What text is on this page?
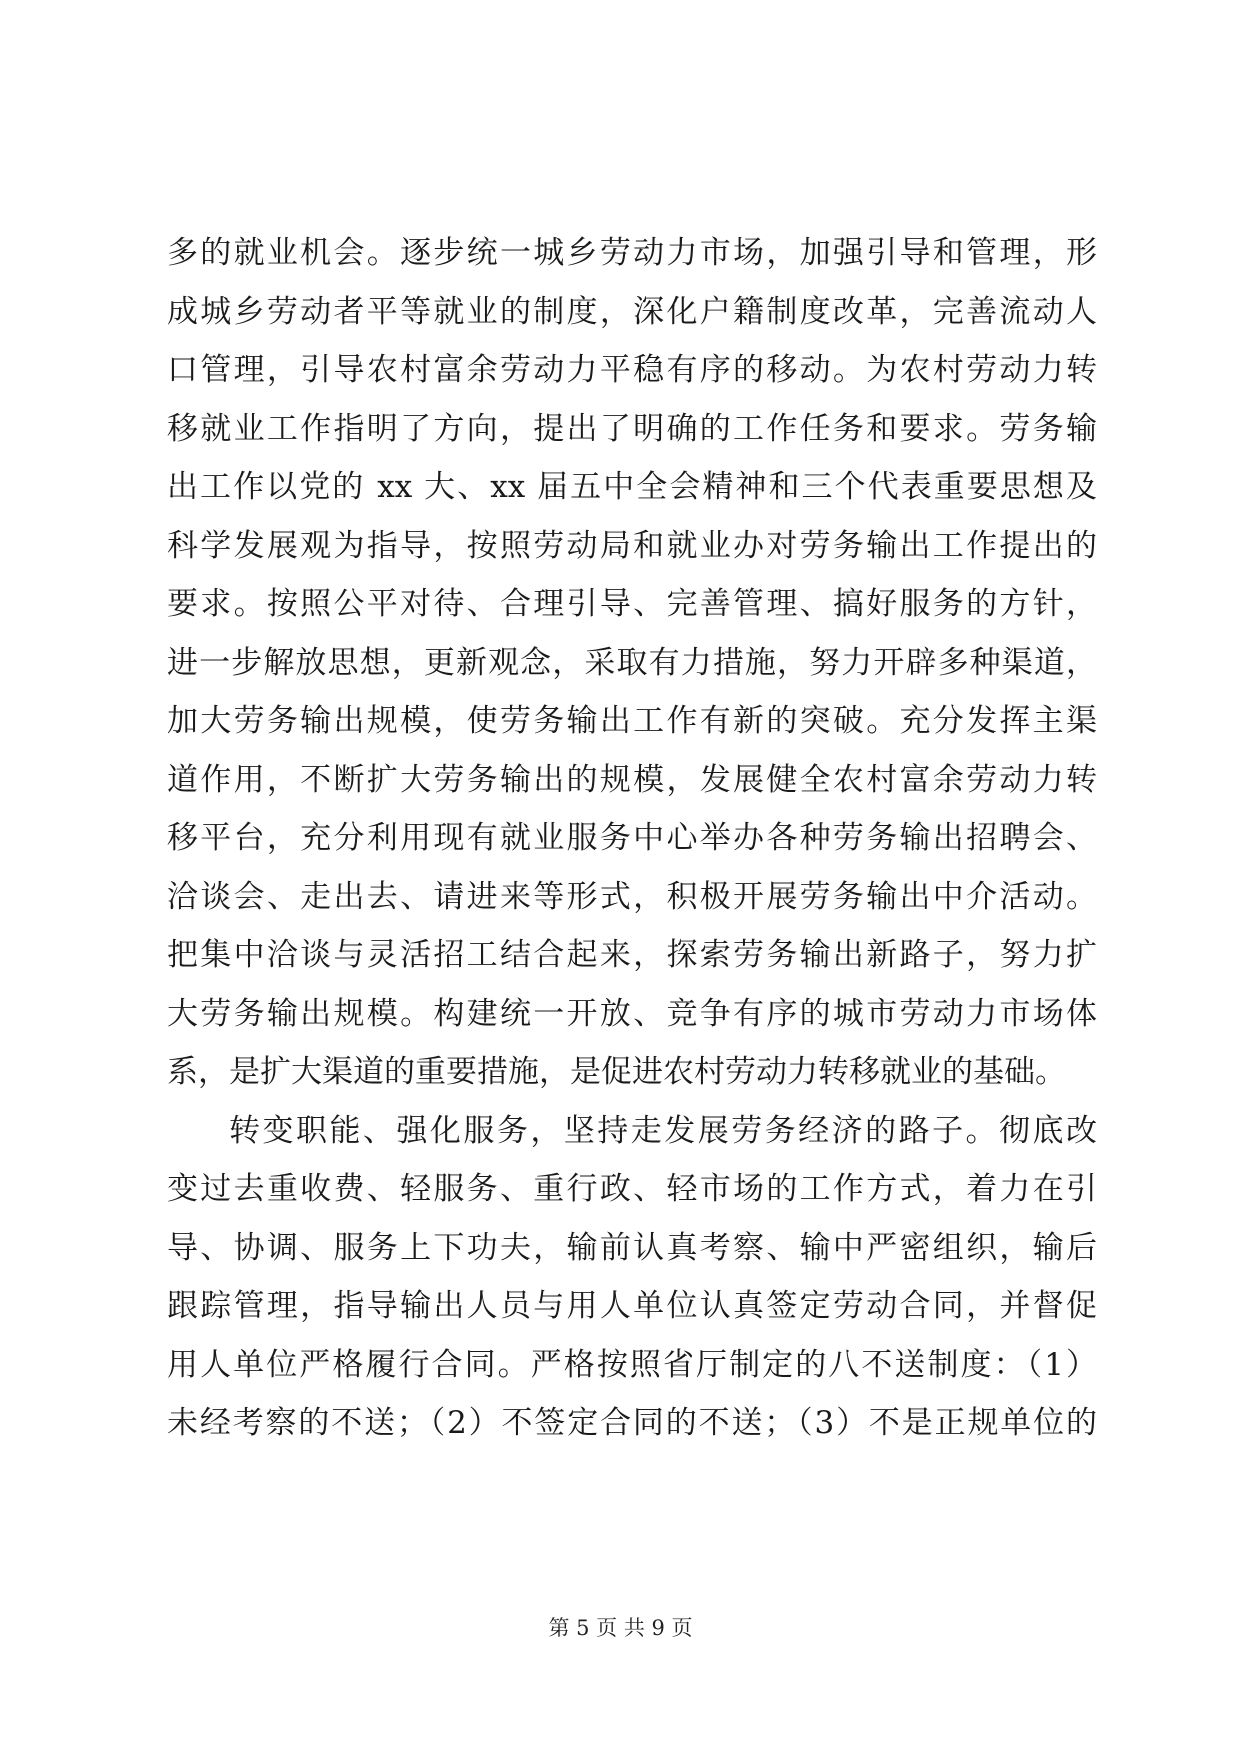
多的就业机会。逐步统一城乡劳动力市场，加强引导和管理，形
成城乡劳动者平等就业的制度，深化户籍制度改革，完善流动人
口管理，引导农村富余劳动力平稳有序的移动。为农村劳动力转
移就业工作指明了方向，提出了明确的工作任务和要求。劳务输
出工作以党的 xx 大、xx 届五中全会精神和三个代表重要思想及
科学发展观为指导，按照劳动局和就业办对劳务输出工作提出的
要求。按照公平对待、合理引导、完善管理、搞好服务的方针，
进一步解放思想，更新观念，采取有力措施，努力开辟多种渠道，
加大劳务输出规模，使劳务输出工作有新的突破。充分发挥主渠
道作用，不断扩大劳务输出的规模，发展健全农村富余劳动力转
移平台，充分利用现有就业服务中心举办各种劳务输出招聘会、
洽谈会、走出去、请进来等形式，积极开展劳务输出中介活动。
把集中洽谈与灵活招工结合起来，探索劳务输出新路子，努力扩
大劳务输出规模。构建统一开放、竞争有序的城市劳动力市场体
系，是扩大渠道的重要措施，是促进农村劳动力转移就业的基础。
转变职能、强化服务，坚持走发展劳务经济的路子。彻底改
变过去重收费、轻服务、重行政、轻市场的工作方式，着力在引
导、协调、服务上下功夫，输前认真考察、输中严密组织，输后
跟踪管理，指导输出人员与用人单位认真签定劳动合同，并督促
用人单位严格履行合同。严格按照省厅制定的八不送制度：（1）
未经考察的不送；（2）不签定合同的不送；（3）不是正规单位的
第 5 页 共 9 页
